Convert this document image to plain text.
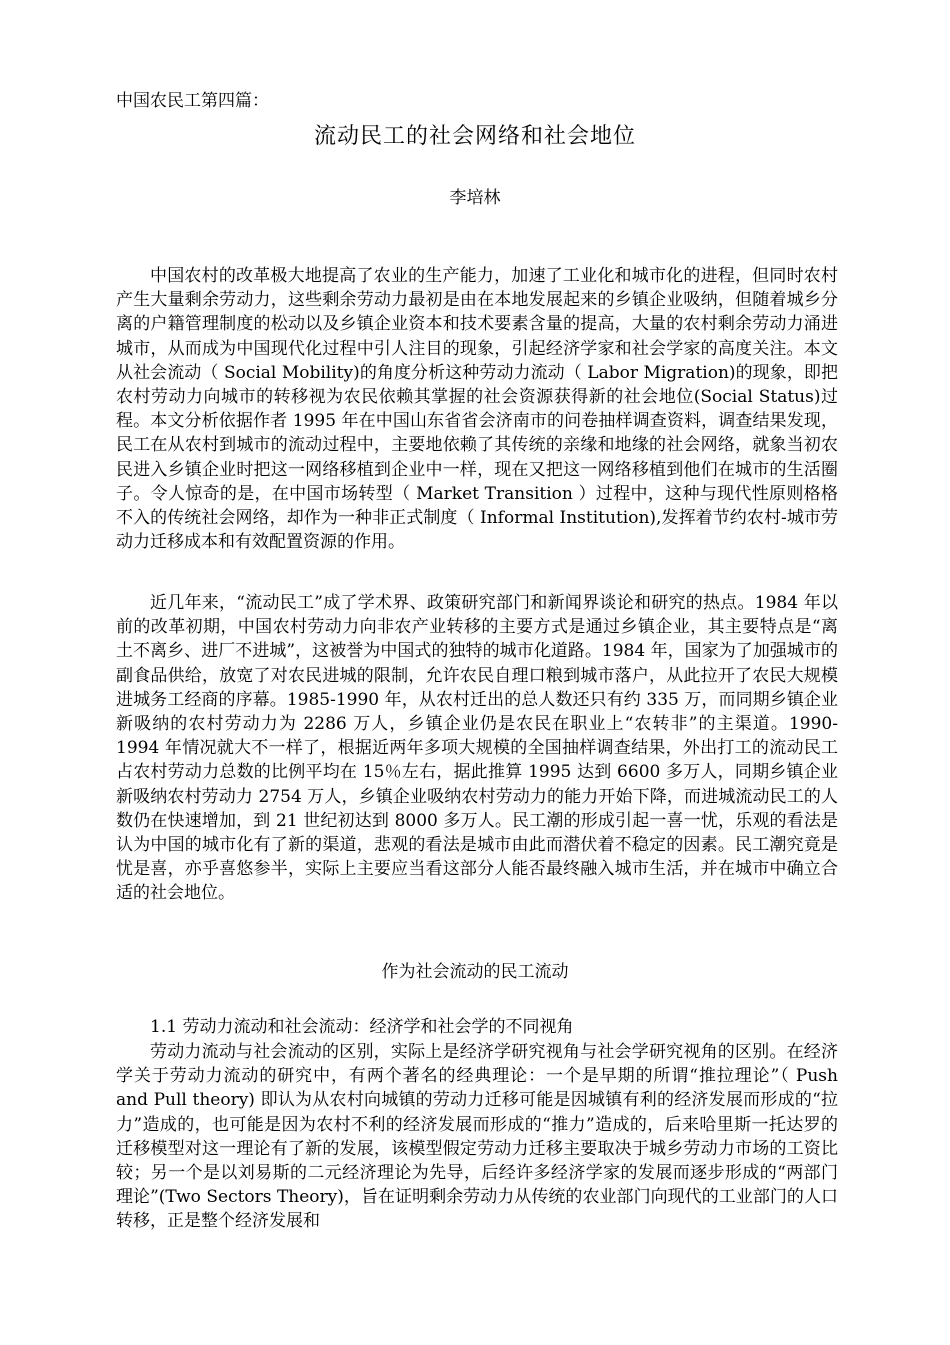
中国农民工第四篇：
流动民工的社会网络和社会地位
李培林

中国农村的改革极大地提高了农业的生产能力，加速了工业化和城市化的进程，但同时农村产生大量剩余劳动力，这些剩余劳动力最初是由在本地发展起来的乡镇企业吸纳，但随着城乡分离的户籍管理制度的松动以及乡镇企业资本和技术要素含量的提高，大量的农村剩余劳动力涌进城市，从而成为中国现代化过程中引人注目的现象，引起经济学家和社会学家的高度关注。本文从社会流动（ Social Mobility)的角度分析这种劳动力流动（ Labor Migration)的现象，即把农村劳动力向城市的转移视为农民依赖其掌握的社会资源获得新的社会地位(Social Status)过程。本文分析依据作者 1995 年在中国山东省省会济南市的问卷抽样调查资料，调查结果发现，民工在从农村到城市的流动过程中，主要地依赖了其传统的亲缘和地缘的社会网络，就象当初农民进入乡镇企业时把这一网络移植到企业中一样，现在又把这一网络移植到他们在城市的生活圈子。令人惊奇的是，在中国市场转型（ Market Transition ）过程中，这种与现代性原则格格不入的传统社会网络，却作为一种非正式制度（ Informal Institution),发挥着节约农村-城市劳动力迁移成本和有效配置资源的作用。

近几年来，“流动民工”成了学术界、政策研究部门和新闻界谈论和研究的热点。1984 年以前的改革初期，中国农村劳动力向非农产业转移的主要方式是通过乡镇企业，其主要特点是“离土不离乡、进厂不进城”，这被誉为中国式的独特的城市化道路。1984 年，国家为了加强城市的副食品供给，放宽了对农民进城的限制，允许农民自理口粮到城市落户，从此拉开了农民大规模进城务工经商的序幕。1985-1990 年，从农村迁出的总人数还只有约 335 万，而同期乡镇企业新吸纳的农村劳动力为 2286 万人，乡镇企业仍是农民在职业上“农转非”的主渠道。1990-1994 年情况就大不一样了，根据近两年多项大规模的全国抽样调查结果，外出打工的流动民工占农村劳动力总数的比例平均在 15％左右，据此推算 1995 达到 6600 多万人，同期乡镇企业新吸纳农村劳动力 2754 万人，乡镇企业吸纳农村劳动力的能力开始下降，而进城流动民工的人数仍在快速增加，到 21 世纪初达到 8000 多万人。民工潮的形成引起一喜一忧，乐观的看法是认为中国的城市化有了新的渠道，悲观的看法是城市由此而潜伏着不稳定的因素。民工潮究竟是忧是喜，亦乎喜悠参半，实际上主要应当看这部分人能否最终融入城市生活，并在城市中确立合适的社会地位。

作为社会流动的民工流动
1.1 劳动力流动和社会流动：经济学和社会学的不同视角

劳动力流动与社会流动的区别，实际上是经济学研究视角与社会学研究视角的区别。在经济学关于劳动力流动的研究中，有两个著名的经典理论：一个是早期的所谓“推拉理论”（ Push and Pull theory) 即认为从农村向城镇的劳动力迁移可能是因城镇有利的经济发展而形成的“拉力”造成的，也可能是因为农村不利的经济发展而形成的“推力”造成的，后来哈里斯一托达罗的迁移模型对这一理论有了新的发展，该模型假定劳动力迁移主要取决于城乡劳动力市场的工资比较；另一个是以刘易斯的二元经济理论为先导，后经许多经济学家的发展而逐步形成的“两部门理论”(Two Sectors Theory)，旨在证明剩余劳动力从传统的农业部门向现代的工业部门的人口转移，正是整个经济发展和
